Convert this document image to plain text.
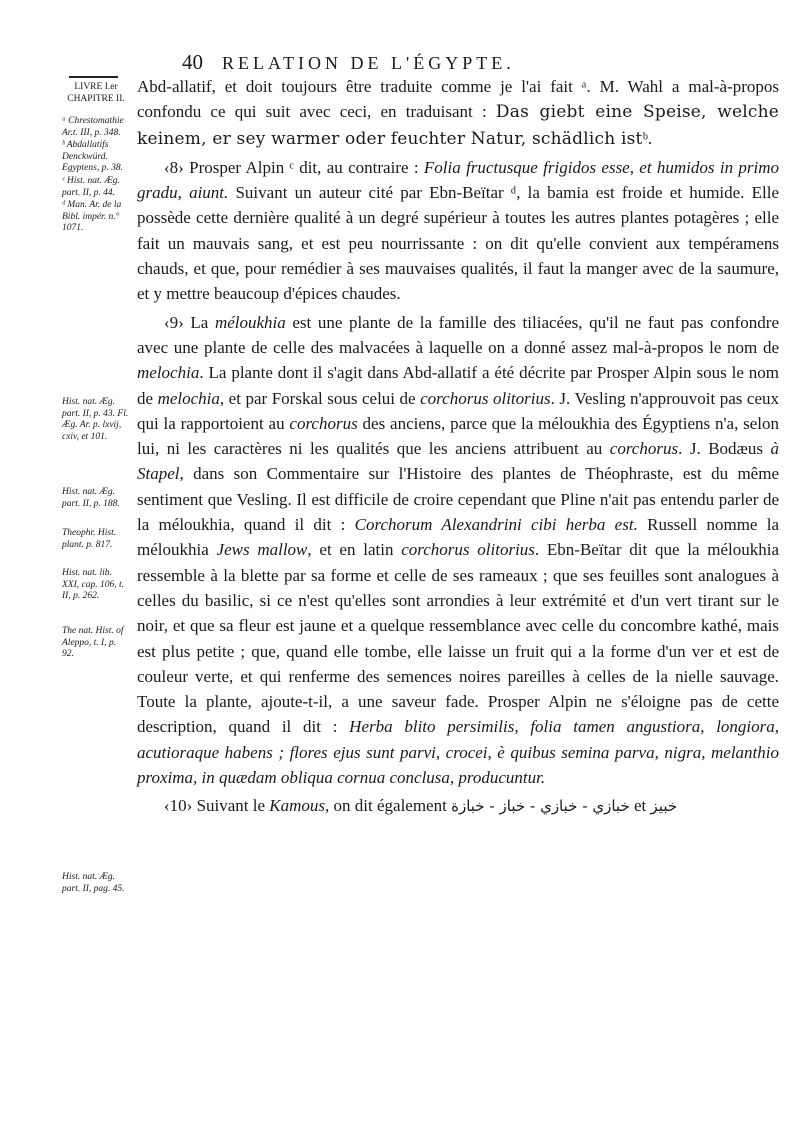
40 RELATION DE L'ÉGYPTE.
LIVRE I.er
CHAPITRE II.
ᵃ Chrestomathie Ar.t. III, p. 348.
ᵇ Abdallatifs Denckwürd. Egyptens, p. 38.
ᶜ Hist. nat. Æg. part. II, p. 44.
ᵈ Man. Ar. de la Bibl. impér. n.° 1071.
Hist. nat. Æg. part. II, p. 43. Fl. Æg. Ar. p. lxvij, cxiv, et 101.
Hist. nat. Æg. part. II, p. 188.
Theophr. Hist. plant. p. 817.
Hist. nat. lib. XXI, cap. 106, t. II, p. 262.
The nat. Hist. of Aleppo, t. I, p. 92.
Hist. nat. Æg. part. II, pag. 45.

Abd-allatif, et doit toujours être traduite comme je l'ai fait ᵃ. M. Wahl a mal-à-propos confondu ce qui suit avec ceci, en traduisant : Das giebt eine Speise, welche keinem, er sey warmer oder feuchter Natur, schädlich istᵇ.

‹8› Prosper Alpin ᶜ dit, au contraire : Folia fructusque frigidos esse, et humidos in primo gradu, aiunt. Suivant un auteur cité par Ebn-Beïtar ᵈ, la bamia est froide et humide. Elle possède cette dernière qualité à un degré supérieur à toutes les autres plantes potagères ; elle fait un mauvais sang, et est peu nourrissante : on dit qu'elle convient aux tempéramens chauds, et que, pour remédier à ses mauvaises qualités, il faut la manger avec de la saumure, et y mettre beaucoup d'épices chaudes.

‹9› La méloukhia est une plante de la famille des tiliacées, qu'il ne faut pas confondre avec une plante de celle des malvacées à laquelle on a donné assez mal-à-propos le nom de melochia. La plante dont il s'agit dans Abd-allatif a été décrite par Prosper Alpin sous le nom de melochia, et par Forskal sous celui de corchorus olitorius. J. Vesling n'approuvoit pas ceux qui la rapportoient au corchorus des anciens, parce que la méloukhia des Égyptiens n'a, selon lui, ni les caractères ni les qualités que les anciens attribuent au corchorus. J. Bodæus à Stapel, dans son Commentaire sur l'Histoire des plantes de Théophraste, est du même sentiment que Vesling. Il est difficile de croire cependant que Pline n'ait pas entendu parler de la méloukhia, quand il dit : Corchorum Alexandrini cibi herba est. Russell nomme la méloukhia Jews mallow, et en latin corchorus olitorius. Ebn-Beïtar dit que la méloukhia ressemble à la blette par sa forme et celle de ses rameaux ; que ses feuilles sont analogues à celles du basilic, si ce n'est qu'elles sont arrondies à leur extrémité et d'un vert tirant sur le noir, et que sa fleur est jaune et a quelque ressemblance avec celle du concombre kathé, mais est plus petite ; que, quand elle tombe, elle laisse un fruit qui a la forme d'un ver et est de couleur verte, et qui renferme des semences noires pareilles à celles de la nielle sauvage. Toute la plante, ajoute-t-il, a une saveur fade. Prosper Alpin ne s'éloigne pas de cette description, quand il dit : Herba blito persimilis, folia tamen angustiora, longiora, acutioraque habens ; flores ejus sunt parvi, crocei, è quibus semina parva, nigra, melanthio proxima, in quædam obliqua cornua conclusa, producuntur.

‹10› Suivant le Kamous, on dit également خبازي - خبازي - خباز - خبازة et خبيز
